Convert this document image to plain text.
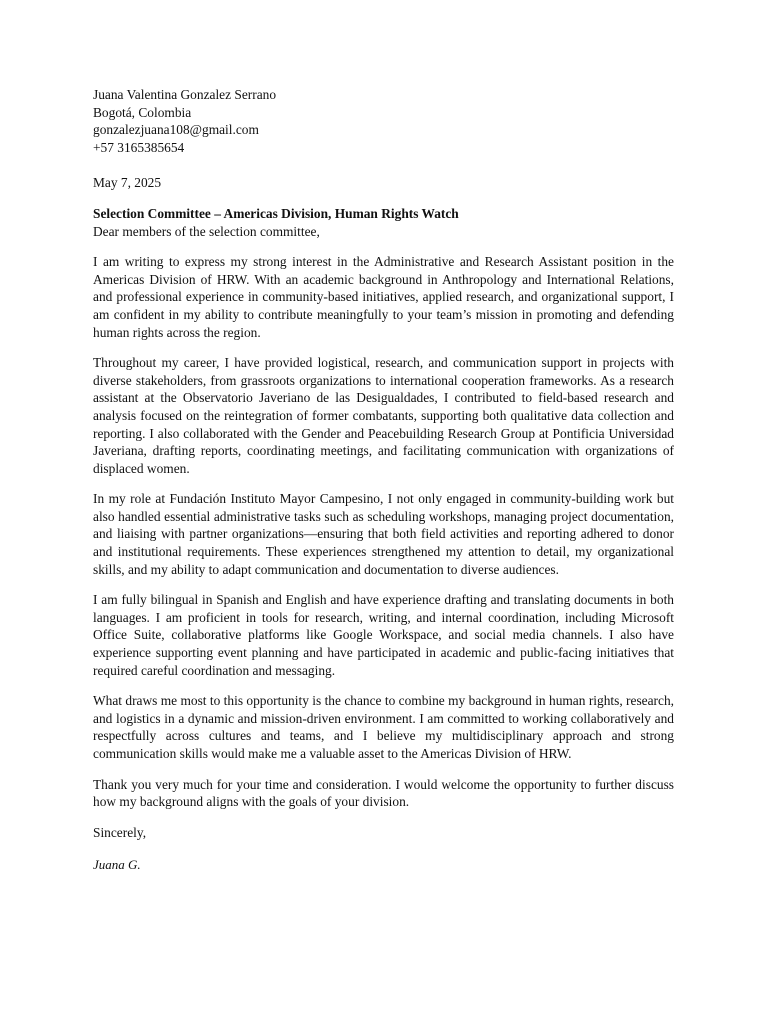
Juana Valentina Gonzalez Serrano
Bogotá, Colombia
gonzalezjuana108@gmail.com
+57 3165385654
May 7, 2025
Selection Committee – Americas Division, Human Rights Watch
Dear members of the selection committee,

I am writing to express my strong interest in the Administrative and Research Assistant position in the Americas Division of HRW. With an academic background in Anthropology and International Relations, and professional experience in community-based initiatives, applied research, and organizational support, I am confident in my ability to contribute meaningfully to your team’s mission in promoting and defending human rights across the region.

Throughout my career, I have provided logistical, research, and communication support in projects with diverse stakeholders, from grassroots organizations to international cooperation frameworks. As a research assistant at the Observatorio Javeriano de las Desigualdades, I contributed to field-based research and analysis focused on the reintegration of former combatants, supporting both qualitative data collection and reporting. I also collaborated with the Gender and Peacebuilding Research Group at Pontificia Universidad Javeriana, drafting reports, coordinating meetings, and facilitating communication with organizations of displaced women.

In my role at Fundación Instituto Mayor Campesino, I not only engaged in community-building work but also handled essential administrative tasks such as scheduling workshops, managing project documentation, and liaising with partner organizations—ensuring that both field activities and reporting adhered to donor and institutional requirements. These experiences strengthened my attention to detail, my organizational skills, and my ability to adapt communication and documentation to diverse audiences.

I am fully bilingual in Spanish and English and have experience drafting and translating documents in both languages. I am proficient in tools for research, writing, and internal coordination, including Microsoft Office Suite, collaborative platforms like Google Workspace, and social media channels. I also have experience supporting event planning and have participated in academic and public-facing initiatives that required careful coordination and messaging.

What draws me most to this opportunity is the chance to combine my background in human rights, research, and logistics in a dynamic and mission-driven environment. I am committed to working collaboratively and respectfully across cultures and teams, and I believe my multidisciplinary approach and strong communication skills would make me a valuable asset to the Americas Division of HRW.

Thank you very much for your time and consideration. I would welcome the opportunity to further discuss how my background aligns with the goals of your division.

Sincerely,
Juana G.
